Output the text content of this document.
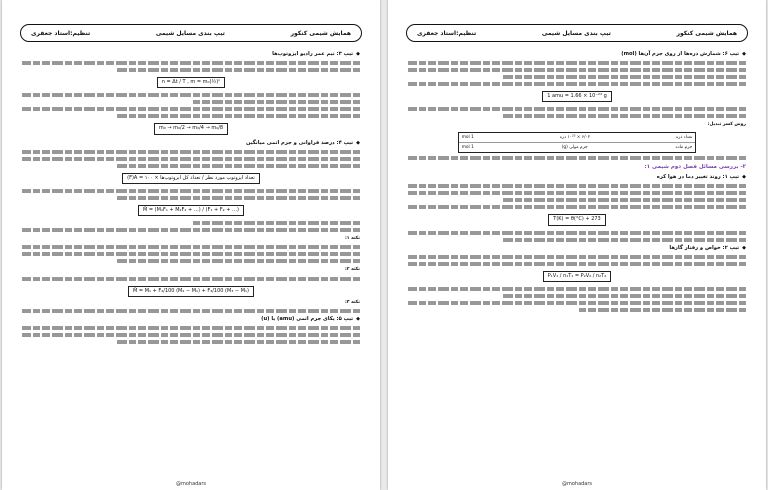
همایش شیمی کنکور
تیپ بندی مسایل شیمی
تنظیم:استاد جعفری
◆
تیپ ۳: نیم عمر رادیو ایزوتوپ‌ها
n = Δt / T , m = m₀(½)ⁿ
m₀ → m₀/2 → m₀/4 → m₀/8
◆
تیپ ۴: درصد فراوانی و جرم اتمی میانگین
(F)A = تعداد ایزوتوپ مورد نظر / تعداد کل ایزوتوپ‌ها × ۱۰۰
M̄ = (M₁F₁ + M₂F₂ + …) / (F₁ + F₂ + …)
نکته ۱:
نکته ۲:
M̄ = M₁ + F₂/100 (M₂ − M₁) + F₃/100 (M₃ − M₁)
نکته ۳:
◆
تیپ ۵: یکای جرم اتمی (amu) یا (u)
@mohadars
همایش شیمی کنکور
تیپ بندی مسایل شیمی
تنظیم:استاد جعفری
◆
تیپ ۶: شمارش ذره‌ها از روی جرم آن‌ها (mol)
1 amu = 1.66 × 10⁻²⁴ g
روش کسر تبدیل:
تعداد ذره
۶/۰۲ × ۱۰²³ ذره
1 mol
جرم ماده
جرم مولی (g)
1 mol
۲- بررسی مسائل فصل دوم شیمی ۱:
◆
تیپ ۱: روند تغییر دما در هوا کره
T(K) = θ(°C) + 273
◆
تیپ ۲: خواص و رفتار گازها
P₁V₁ / n₁T₁ = P₂V₂ / n₂T₂
@mohadars
